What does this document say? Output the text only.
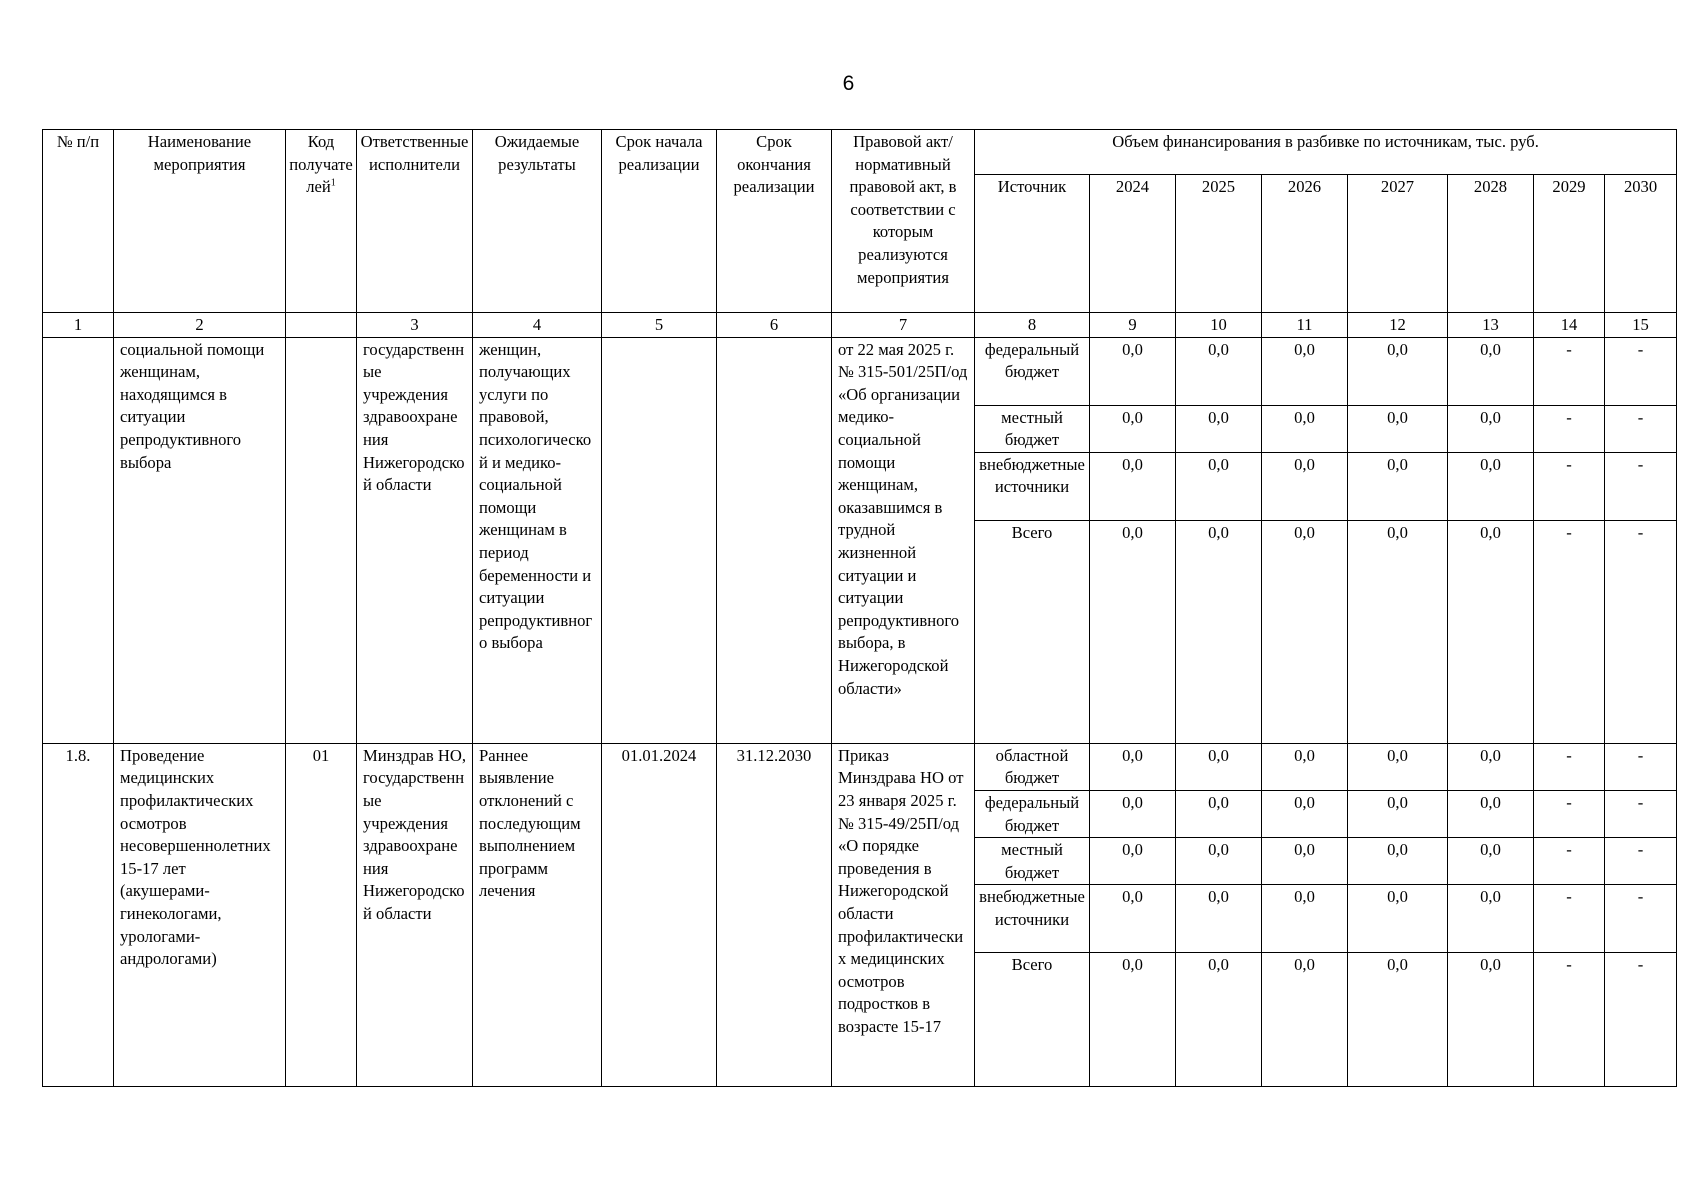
6
№ п/п	Наименование мероприятия	Код получателей$^1$	Ответственные исполнители	Ожидаемые результаты	Срок начала реализации	Срок окончания реализации	Правовой акт/нормативный правовой акт, в соответствии с которым реализуются мероприятия	Объем финансирования в разбивке по источникам, тыс. руб.							
								Источник	2024	2025	2026	2027	2028	2029	2030
1	2		3	4	5	6	7	8	9	10	11	12	13	14	15
	социальной помощи женщинам, находящимся в ситуации репродуктивного выбора		государственные учреждения здравоохранения Нижегородской области	женщин, получающих услуги по правовой, психологической и медико-социальной помощи женщинам в период беременности и ситуации репродуктивного выбора			от 22 мая 2025 г. № 315-501/25П/од «Об организации медико-социальной помощи женщинам, оказавшимся в трудной жизненной ситуации и ситуации репродуктивного выбора, в Нижегородской области»	федеральный бюджет	0,0	0,0	0,0	0,0	0,0	-	-
								местный бюджет	0,0	0,0	0,0	0,0	0,0	-	-
								внебюджетные источники	0,0	0,0	0,0	0,0	0,0	-	-
								Всего	0,0	0,0	0,0	0,0	0,0	-	-
1.8.	Проведение медицинских профилактических осмотров несовершеннолетних 15-17 лет (акушерами-гинекологами, урологами-андрологами)	01	Минздрав НО, государственные учреждения здравоохранения Нижегородской области	Раннее выявление отклонений с последующим выполнением программ лечения	01.01.2024	31.12.2030	Приказ Минздрава НО от 23 января 2025 г. № 315-49/25П/од «О порядке проведения в Нижегородской области профилактических медицинских осмотров подростков в возрасте 15-17	областной бюджет	0,0	0,0	0,0	0,0	0,0	-	-
								федеральный бюджет	0,0	0,0	0,0	0,0	0,0	-	-
								местный бюджет	0,0	0,0	0,0	0,0	0,0	-	-
								внебюджетные источники	0,0	0,0	0,0	0,0	0,0	-	-
								Всего	0,0	0,0	0,0	0,0	0,0	-	-
